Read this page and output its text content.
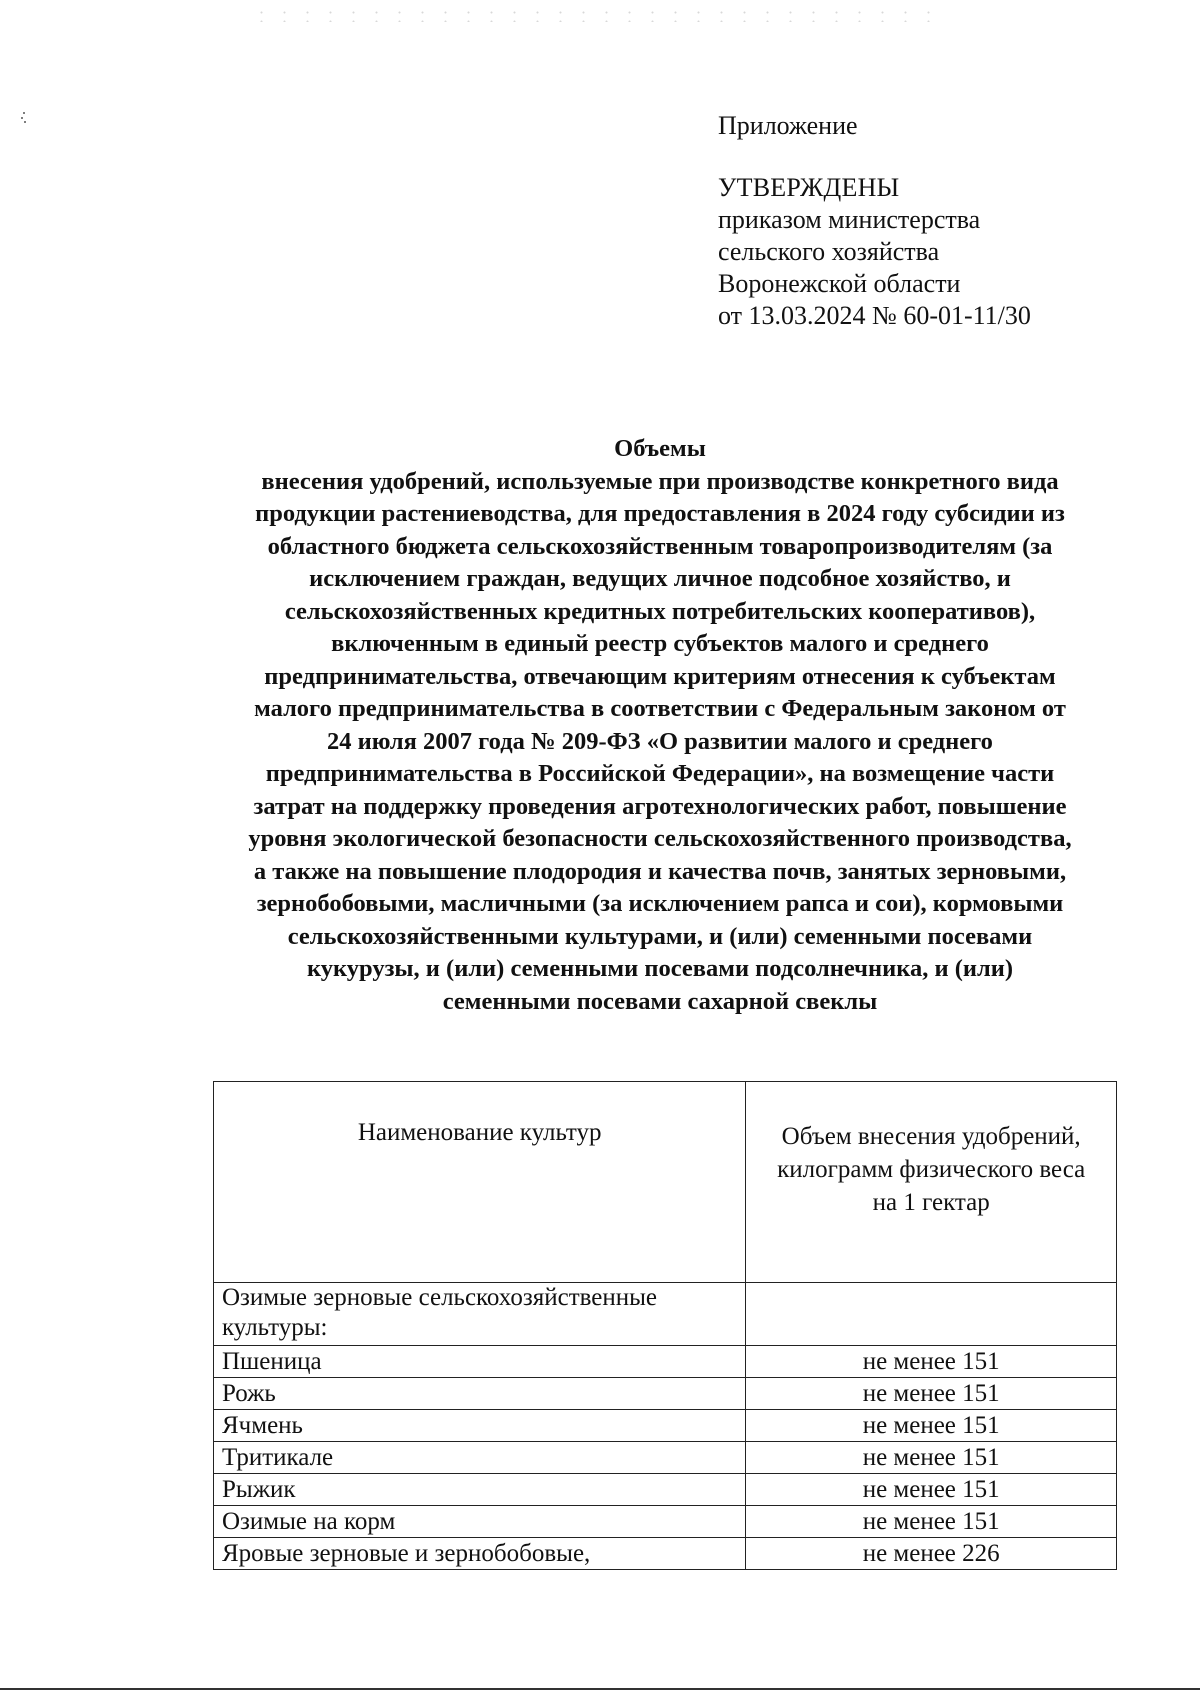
Приложение
УТВЕРЖДЕНЫ
приказом министерства
сельского хозяйства
Воронежской области
от 13.03.2024 № 60-01-11/30
Объемы
внесения удобрений, используемые при производстве конкретного вида
продукции растениеводства, для предоставления в 2024 году субсидии из
областного бюджета сельскохозяйственным товаропроизводителям (за
исключением граждан, ведущих личное подсобное хозяйство, и
сельскохозяйственных кредитных потребительских кооперативов),
включенным в единый реестр субъектов малого и среднего
предпринимательства, отвечающим критериям отнесения к субъектам
малого предпринимательства в соответствии с Федеральным законом от
24 июля 2007 года № 209-ФЗ «О развитии малого и среднего
предпринимательства в Российской Федерации», на возмещение части
затрат на поддержку проведения агротехнологических работ, повышение
уровня экологической безопасности сельскохозяйственного производства,
а также на повышение плодородия и качества почв, занятых зерновыми,
зернобобовыми, масличными (за исключением рапса и сои), кормовыми
сельскохозяйственными культурами, и (или) семенными посевами
кукурузы, и (или) семенными посевами подсолнечника, и (или)
семенными посевами сахарной свеклы
Наименование культур	Объем внесения удобрений,
килограмм физического веса
на 1 гектар

Озимые зерновые сельскохозяйственные
культуры:	

Пшеница	не менее 151
Рожь	не менее 151
Ячмень	не менее 151
Тритикале	не менее 151
Рыжик	не менее 151
Озимые на корм	не менее 151
Яровые зерновые и зернобобовые,	не менее 226
